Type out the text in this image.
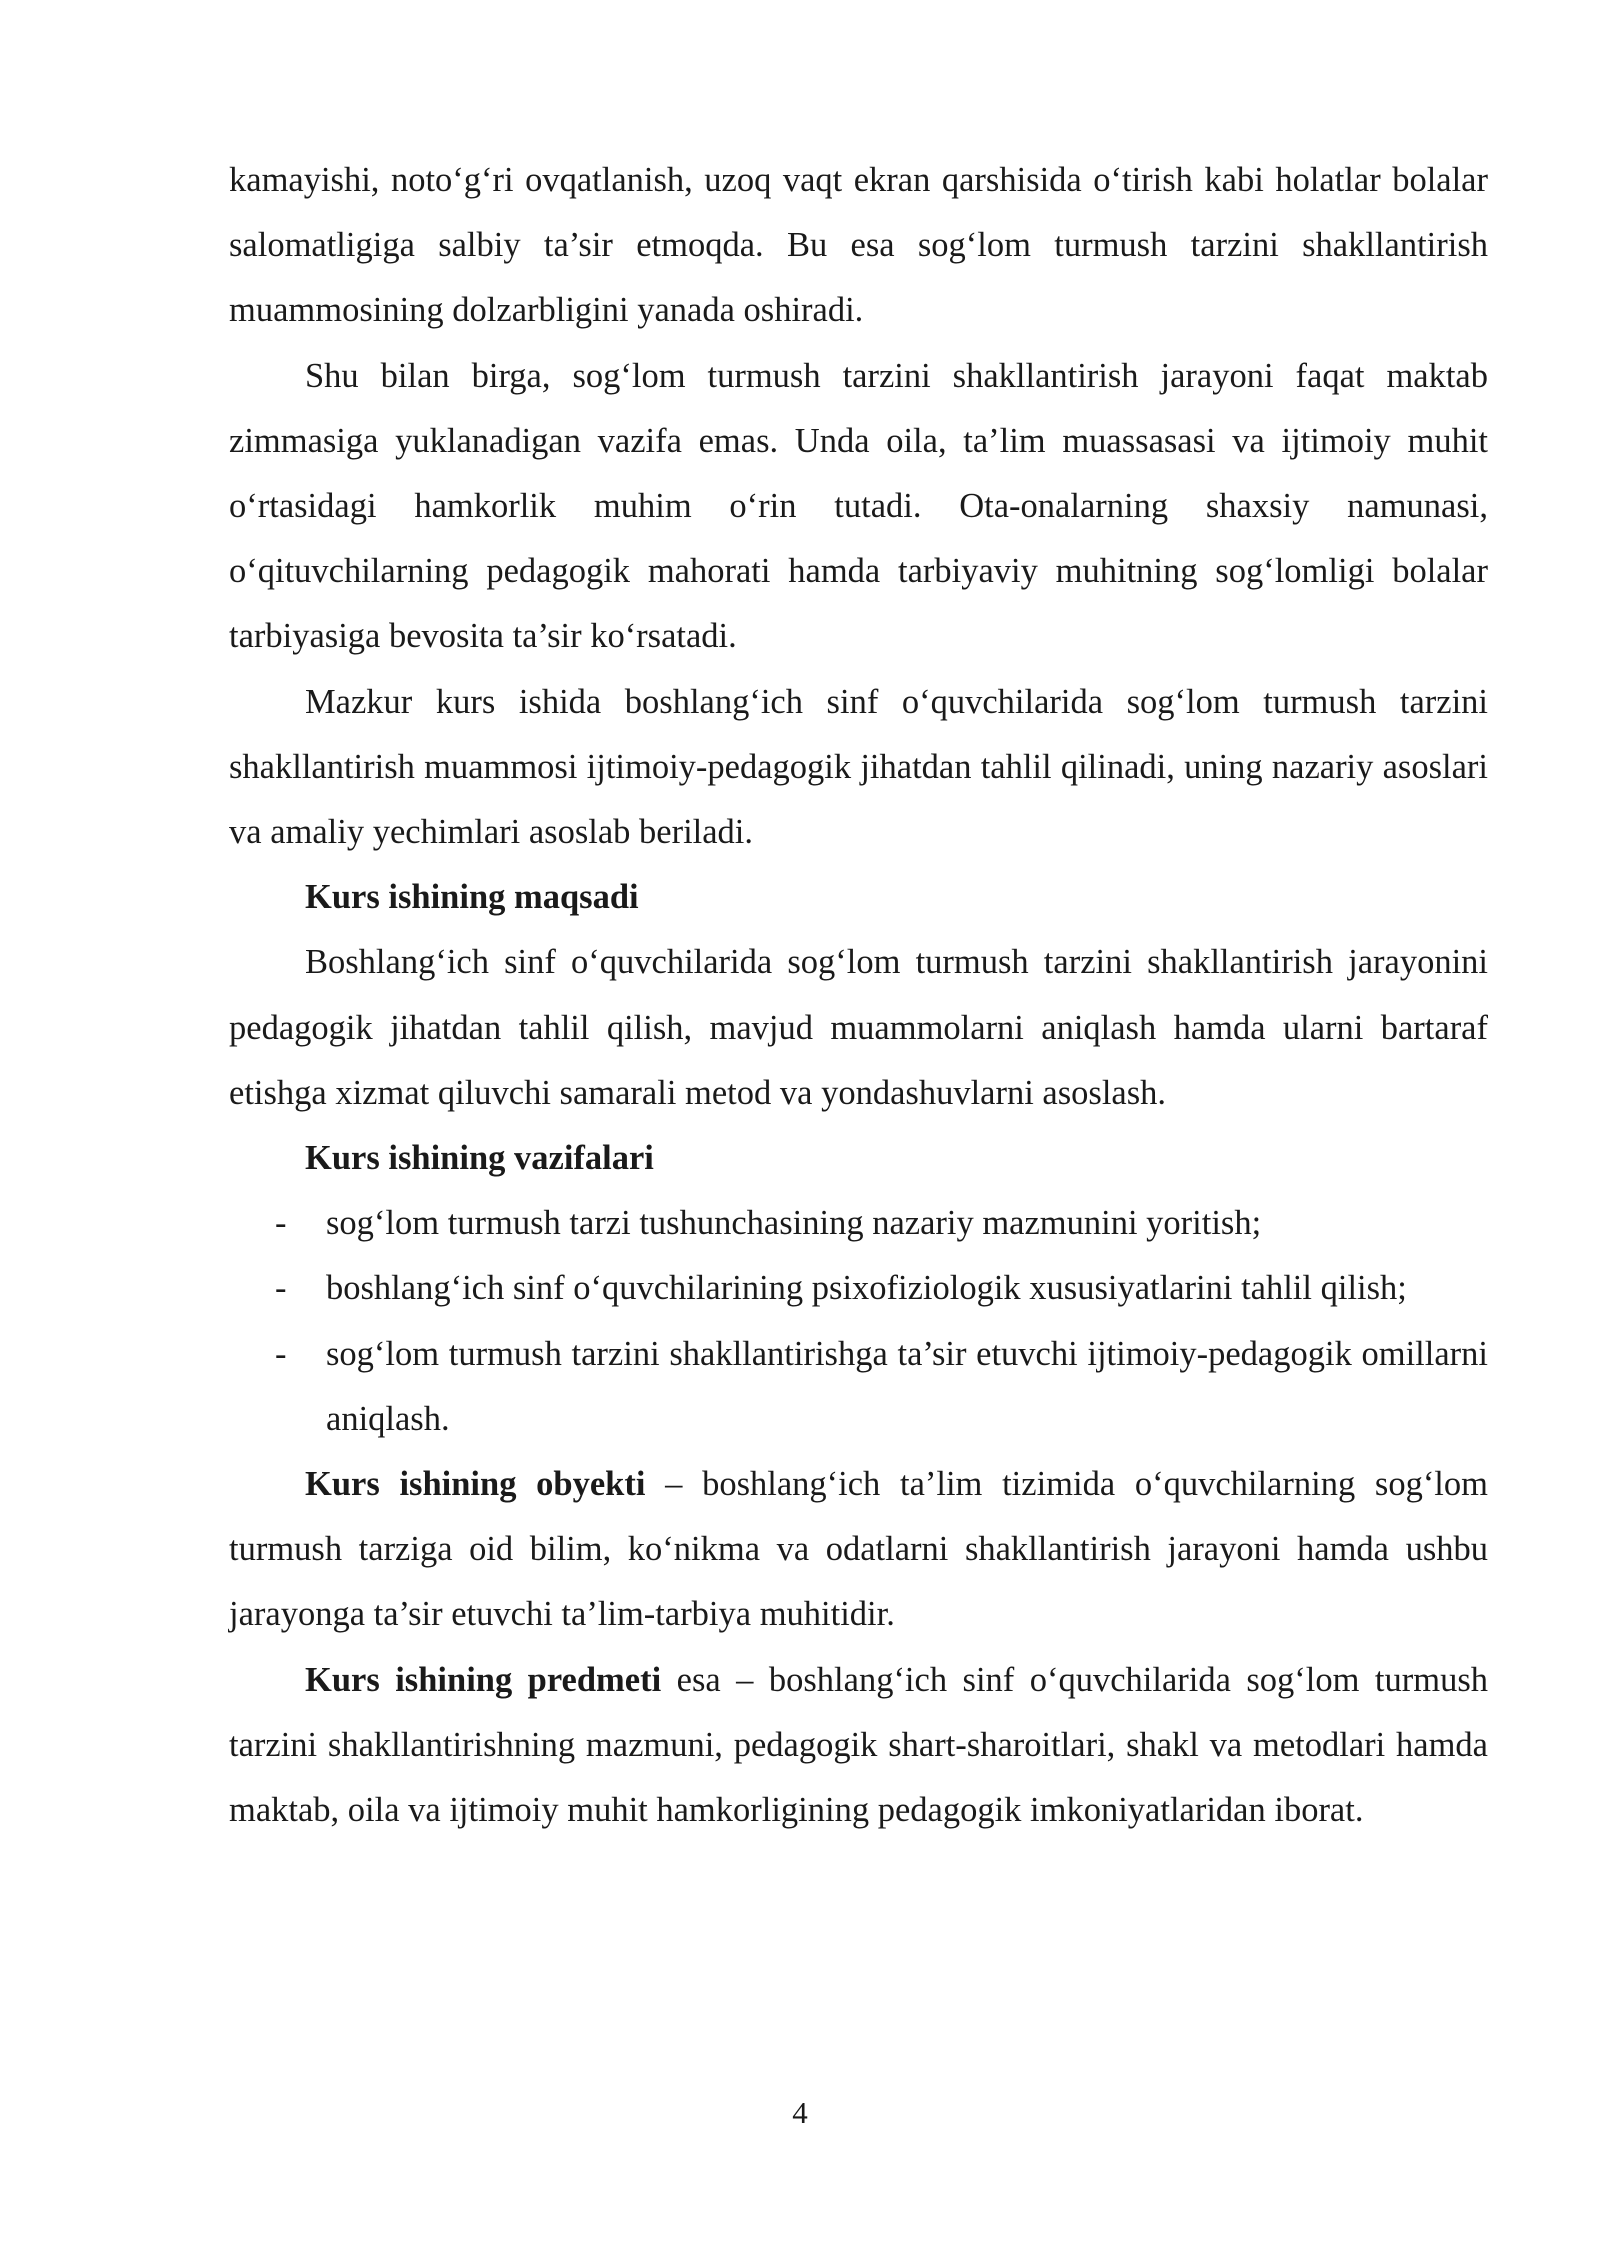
kamayishi, noto‘g‘ri ovqatlanish, uzoq vaqt ekran qarshisida o‘tirish kabi holatlar bolalar salomatligiga salbiy ta’sir etmoqda. Bu esa sog‘lom turmush tarzini shakllantirish muammosining dolzarbligini yanada oshiradi.

Shu bilan birga, sog‘lom turmush tarzini shakllantirish jarayoni faqat maktab zimmasiga yuklanadigan vazifa emas. Unda oila, ta’lim muassasasi va ijtimoiy muhit o‘rtasidagi hamkorlik muhim o‘rin tutadi. Ota-onalarning shaxsiy namunasi, o‘qituvchilarning pedagogik mahorati hamda tarbiyaviy muhitning sog‘lomligi bolalar tarbiyasiga bevosita ta’sir ko‘rsatadi.

Mazkur kurs ishida boshlang‘ich sinf o‘quvchilarida sog‘lom turmush tarzini shakllantirish muammosi ijtimoiy-pedagogik jihatdan tahlil qilinadi, uning nazariy asoslari va amaliy yechimlari asoslab beriladi.

Kurs ishining maqsadi

Boshlang‘ich sinf o‘quvchilarida sog‘lom turmush tarzini shakllantirish jarayonini pedagogik jihatdan tahlil qilish, mavjud muammolarni aniqlash hamda ularni bartaraf etishga xizmat qiluvchi samarali metod va yondashuvlarni asoslash.

Kurs ishining vazifalari

- sog‘lom turmush tarzi tushunchasining nazariy mazmunini yoritish;
- boshlang‘ich sinf o‘quvchilarining psixofiziologik xususiyatlarini tahlil qilish;
- sog‘lom turmush tarzini shakllantirishga ta’sir etuvchi ijtimoiy-pedagogik omillarni aniqlash.

Kurs ishining obyekti – boshlang‘ich ta’lim tizimida o‘quvchilarning sog‘lom turmush tarziga oid bilim, ko‘nikma va odatlarni shakllantirish jarayoni hamda ushbu jarayonga ta’sir etuvchi ta’lim-tarbiya muhitidir.

Kurs ishining predmeti esa – boshlang‘ich sinf o‘quvchilarida sog‘lom turmush tarzini shakllantirishning mazmuni, pedagogik shart-sharoitlari, shakl va metodlari hamda maktab, oila va ijtimoiy muhit hamkorligining pedagogik imkoniyatlaridan iborat.

4
